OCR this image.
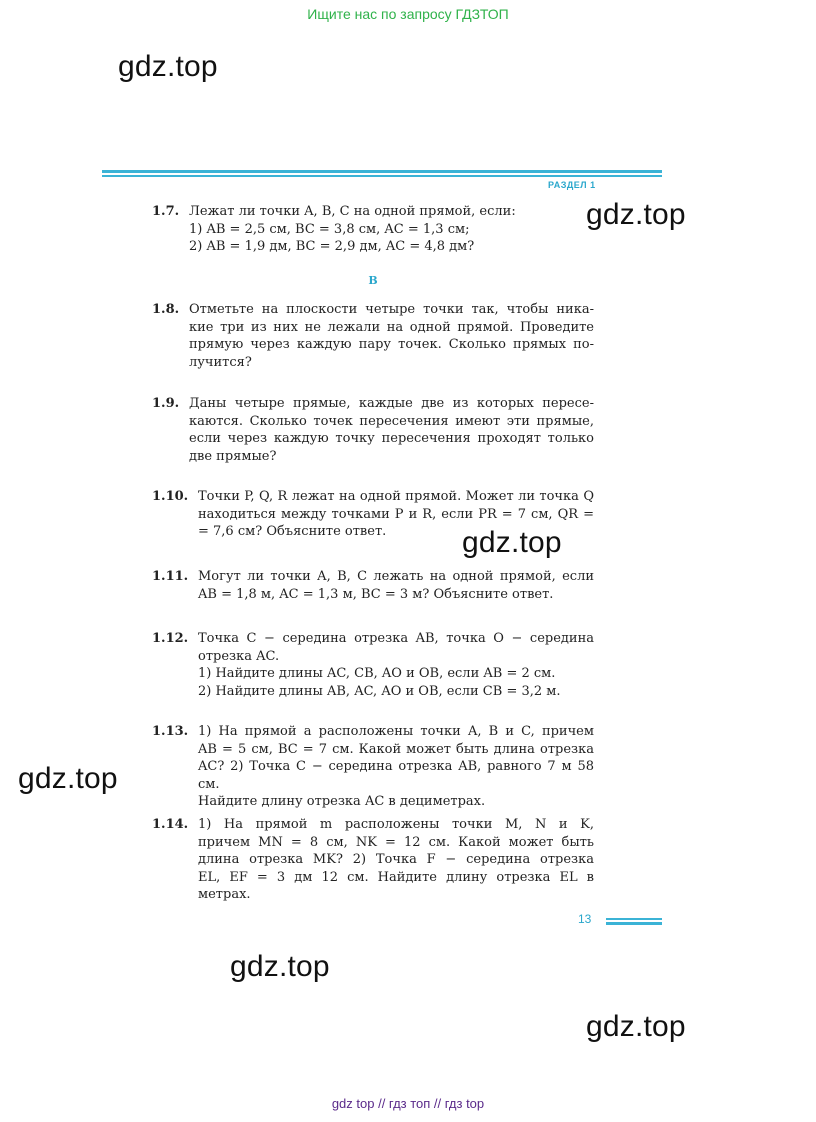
Ищите нас по запросу ГДЗТОП
gdz.top
gdz.top
gdz.top
gdz.top
gdz.top
gdz.top
РАЗДЕЛ 1
1.7. Лежат ли точки A, B, C на одной прямой, если:
1) AB = 2,5 см, BC = 3,8 см, AC = 1,3 см;
2) AB = 1,9 дм, BC = 2,9 дм, AC = 4,8 дм?
B
1.8. Отметьте на плоскости четыре точки так, чтобы ника-
кие три из них не лежали на одной прямой. Проведите
прямую через каждую пару точек. Сколько прямых по-
лучится?
1.9. Даны четыре прямые, каждые две из которых пересе-
каются. Сколько точек пересечения имеют эти прямые,
если через каждую точку пересечения проходят только
две прямые?
1.10. Точки P, Q, R лежат на одной прямой. Может ли точка Q
находиться между точками P и R, если PR = 7 см, QR =
= 7,6 см? Объясните ответ.
1.11. Могут ли точки A, B, C лежать на одной прямой, если
AB = 1,8 м, AC = 1,3 м, BC = 3 м? Объясните ответ.
1.12. Точка C − середина отрезка AB, точка O − середина
отрезка AC.
1) Найдите длины AC, CB, AO и OB, если AB = 2 см.
2) Найдите длины AB, AC, AO и OB, если CB = 3,2 м.
1.13. 1) На прямой a расположены точки A, B и C, причем
AB = 5 см, BC = 7 см. Какой может быть длина отрезка
AC? 2) Точка C − середина отрезка AB, равного 7 м 58 см.
Найдите длину отрезка AC в дециметрах.
1.14. 1) На прямой m расположены точки M, N и K,
причем MN = 8 см, NK = 12 см. Какой может быть
длина отрезка MK? 2) Точка F − середина отрезка
EL, EF = 3 дм 12 см. Найдите длину отрезка EL в
метрах.
13
gdz top // гдз топ // гдз top
